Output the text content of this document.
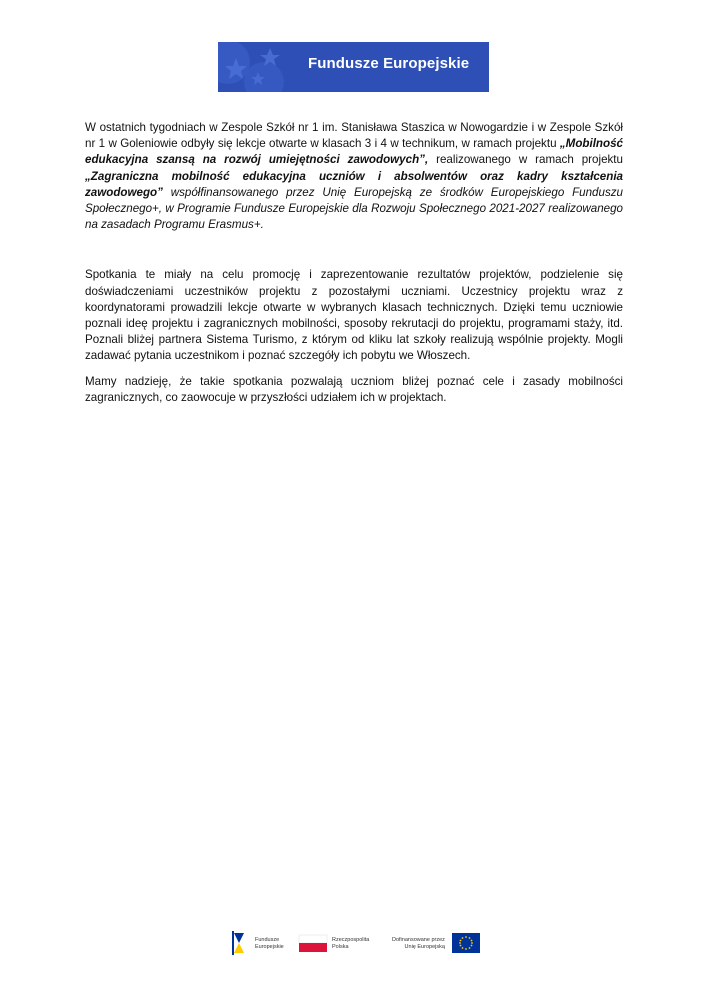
Fundusze Europejskie

W ostatnich tygodniach w Zespole Szkół nr 1 im. Stanisława Staszica w Nowogardzie i w Zespole Szkół nr 1 w Goleniowie odbyły się lekcje otwarte w klasach 3 i 4 w technikum, w ramach projektu „Mobilność edukacyjna szansą na rozwój umiejętności zawodowych”, realizowanego w ramach projektu „Zagraniczna mobilność edukacyjna uczniów i absolwentów oraz kadry kształcenia zawodowego” współfinansowanego przez Unię Europejską ze środków Europejskiego Funduszu Społecznego+, w Programie Fundusze Europejskie dla Rozwoju Społecznego 2021-2027 realizowanego na zasadach Programu Erasmus+.

Spotkania te miały na celu promocję i zaprezentowanie rezultatów projektów, podzielenie się doświadczeniami uczestników projektu z pozostałymi uczniami. Uczestnicy projektu wraz z koordynatorami prowadzili lekcje otwarte w wybranych klasach technicznych. Dzięki temu uczniowie poznali ideę projektu i zagranicznych mobilności, sposoby rekrutacji do projektu, programami staży, itd. Poznali bliżej partnera Sistema Turismo, z którym od kliku lat szkoły realizują wspólnie projekty. Mogli zadawać pytania uczestnikom i poznać szczegóły ich pobytu we Włoszech.

Mamy nadzieję, że takie spotkania pozwalają uczniom bliżej poznać cele i zasady mobilności zagranicznych, co zaowocuje w przyszłości udziałem ich w projektach.

Fundusze
Europejskie
Rzeczpospolita
Polska
Dofinansowane przez
Unię Europejską
